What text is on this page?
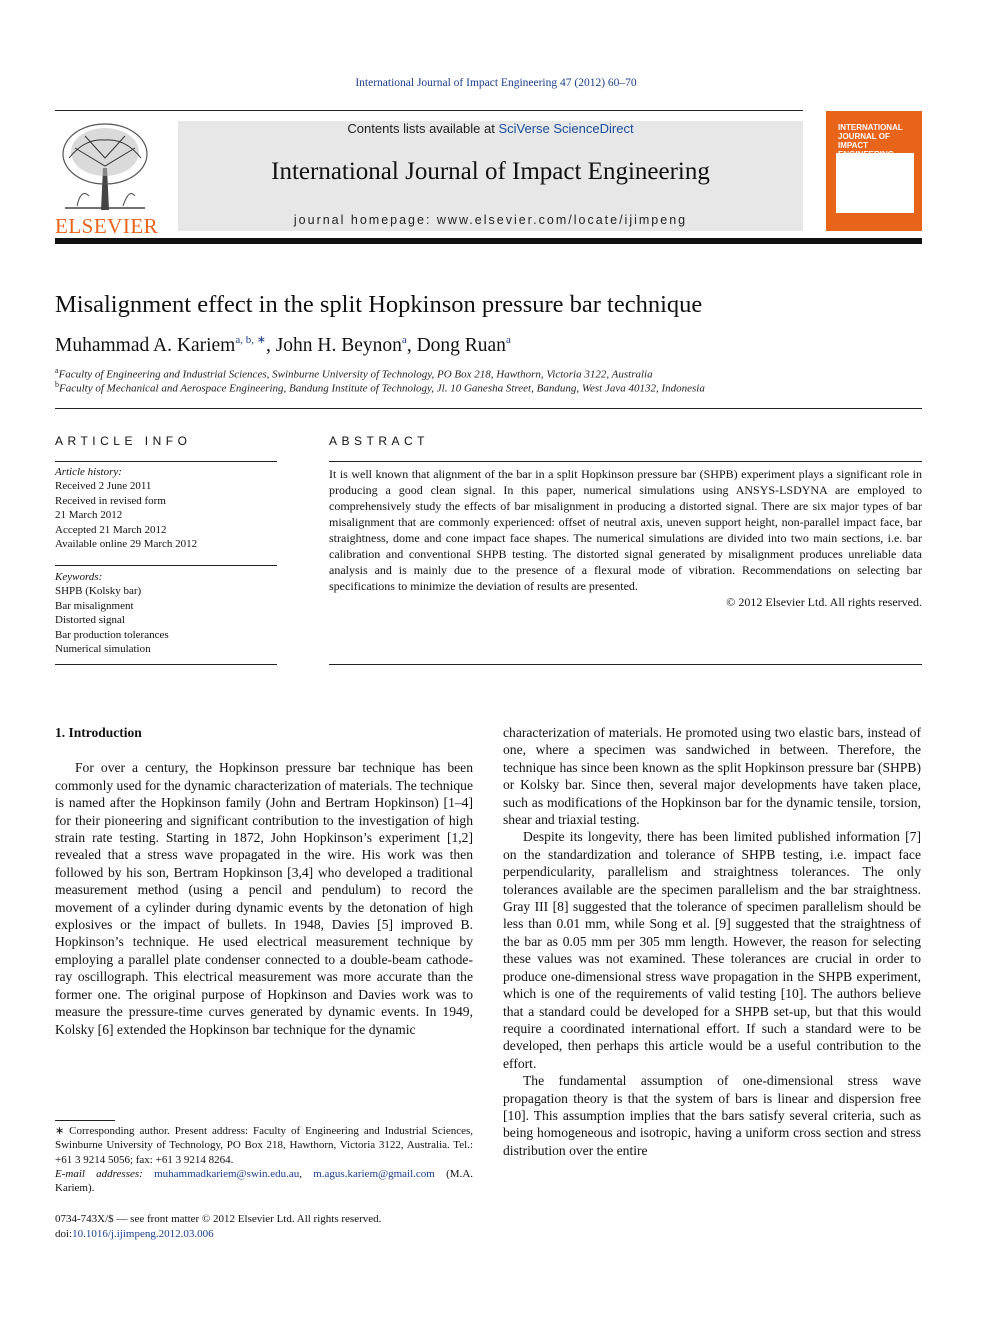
International Journal of Impact Engineering 47 (2012) 60–70
ELSEVIER
Contents lists available at SciVerse ScienceDirect
International Journal of Impact Engineering
journal homepage: www.elsevier.com/locate/ijimpeng
INTERNATIONAL JOURNAL OF IMPACT
Misalignment effect in the split Hopkinson pressure bar technique
Muhammad A. Kariem$^{a, b, ∗}$, John H. Beynon$^a$, Dong Ruan$^a$
$^a$Faculty of Engineering and Industrial Sciences, Swinburne University of Technology, PO Box 218, Hawthorn, Victoria 3122, Australia
$^b$Faculty of Mechanical and Aerospace Engineering, Bandung Institute of Technology, Jl. 10 Ganesha Street, Bandung, West Java 40132, Indonesia
ARTICLE INFO
Article history:
Received 2 June 2011
Received in revised form
21 March 2012
Accepted 21 March 2012
Available online 29 March 2012
Keywords:
SHPB (Kolsky bar)
Bar misalignment
Distorted signal
Bar production tolerances
Numerical simulation
ABSTRACT
It is well known that alignment of the bar in a split Hopkinson pressure bar (SHPB) experiment plays a significant role in producing a good clean signal. In this paper, numerical simulations using ANSYS-LSDYNA are employed to comprehensively study the effects of bar misalignment in producing a distorted signal. There are six major types of bar misalignment that are commonly experienced: offset of neutral axis, uneven support height, non-parallel impact face, bar straightness, dome and cone impact face shapes. The numerical simulations are divided into two main sections, i.e. bar calibration and conventional SHPB testing. The distorted signal generated by misalignment produces unreliable data analysis and is mainly due to the presence of a flexural mode of vibration. Recommendations on selecting bar specifications to minimize the deviation of results are presented.
© 2012 Elsevier Ltd. All rights reserved.
1. Introduction

For over a century, the Hopkinson pressure bar technique has been commonly used for the dynamic characterization of materials. The technique is named after the Hopkinson family (John and Bertram Hopkinson) [1–4] for their pioneering and significant contribution to the investigation of high strain rate testing. Starting in 1872, John Hopkinson’s experiment [1,2] revealed that a stress wave propagated in the wire. His work was then followed by his son, Bertram Hopkinson [3,4] who developed a traditional measurement method (using a pencil and pendulum) to record the movement of a cylinder during dynamic events by the detonation of high explosives or the impact of bullets. In 1948, Davies [5] improved B. Hopkinson’s technique. He used electrical measurement technique by employing a parallel plate condenser connected to a double-beam cathode-ray oscillograph. This electrical measurement was more accurate than the former one. The original purpose of Hopkinson and Davies work was to measure the pressure-time curves generated by dynamic events. In 1949, Kolsky [6] extended the Hopkinson bar technique for the dynamic

characterization of materials. He promoted using two elastic bars, instead of one, where a specimen was sandwiched in between. Therefore, the technique has since been known as the split Hopkinson pressure bar (SHPB) or Kolsky bar. Since then, several major developments have taken place, such as modifications of the Hopkinson bar for the dynamic tensile, torsion, shear and triaxial testing.

Despite its longevity, there has been limited published information [7] on the standardization and tolerance of SHPB testing, i.e. impact face perpendicularity, parallelism and straightness tolerances. The only tolerances available are the specimen parallelism and the bar straightness. Gray III [8] suggested that the tolerance of specimen parallelism should be less than 0.01 mm, while Song et al. [9] suggested that the straightness of the bar as 0.05 mm per 305 mm length. However, the reason for selecting these values was not examined. These tolerances are crucial in order to produce one-dimensional stress wave propagation in the SHPB experiment, which is one of the requirements of valid testing [10]. The authors believe that a standard could be developed for a SHPB set-up, but that this would require a coordinated international effort. If such a standard were to be developed, then perhaps this article would be a useful contribution to the effort.

The fundamental assumption of one-dimensional stress wave propagation theory is that the system of bars is linear and dispersion free [10]. This assumption implies that the bars satisfy several criteria, such as being homogeneous and isotropic, having a uniform cross section and stress distribution over the entire

∗ Corresponding author. Present address: Faculty of Engineering and Industrial Sciences, Swinburne University of Technology, PO Box 218, Hawthorn, Victoria 3122, Australia. Tel.: +61 3 9214 5056; fax: +61 3 9214 8264.
E-mail addresses: muhammadkariem@swin.edu.au, m.agus.kariem@gmail.com (M.A. Kariem).
0734-743X/$ — see front matter © 2012 Elsevier Ltd. All rights reserved.
doi:10.1016/j.ijimpeng.2012.03.006
